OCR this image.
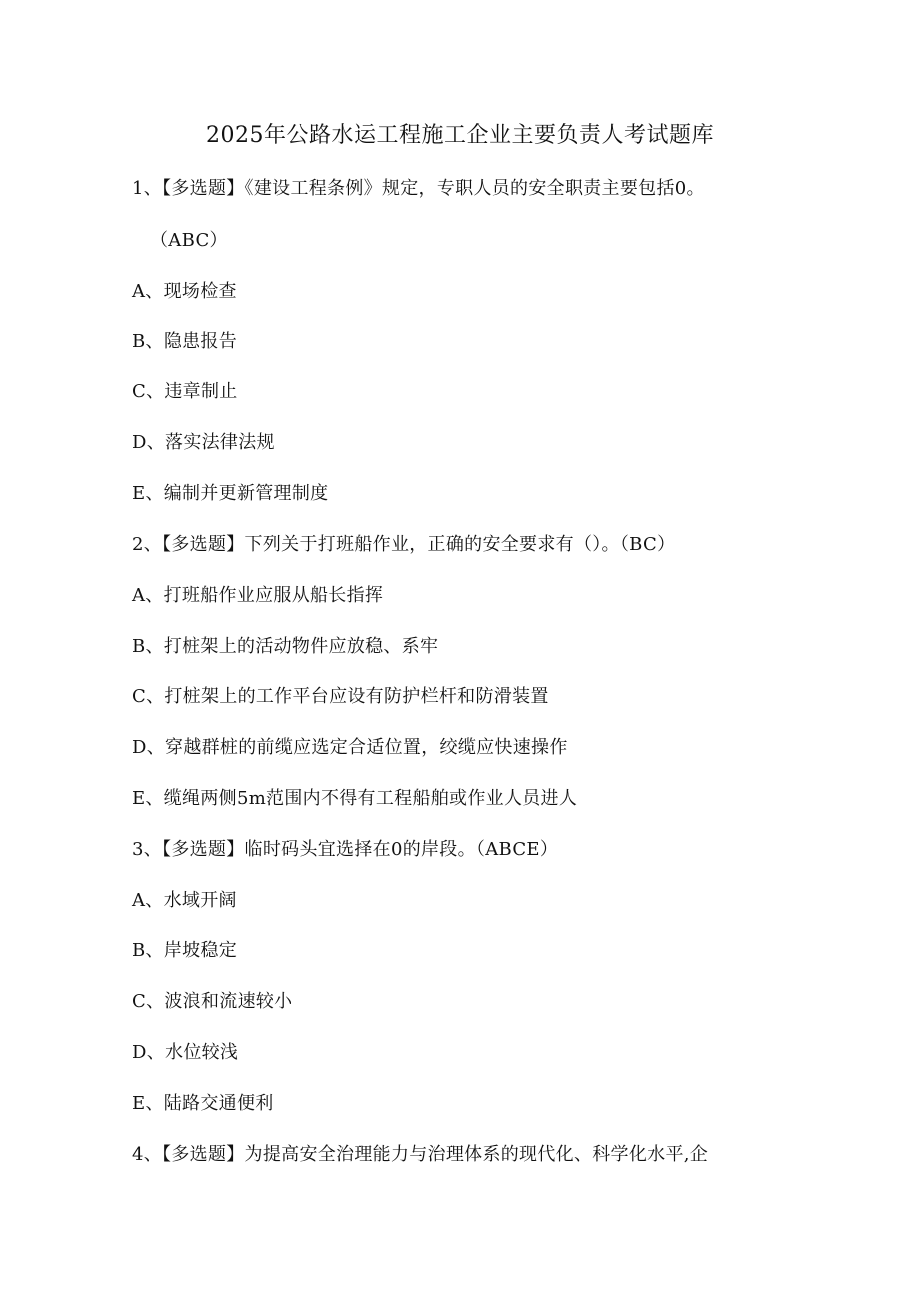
2025年公路水运工程施工企业主要负责人考试题库
1、【多选题】《建设工程条例》规定，专职人员的安全职责主要包括0。
（ABC）
A、现场检查
B、隐患报告
C、违章制止
D、落实法律法规
E、编制并更新管理制度
2、【多选题】下列关于打班船作业，正确的安全要求有（）。（BC）
A、打班船作业应服从船长指挥
B、打桩架上的活动物件应放稳、系牢
C、打桩架上的工作平台应设有防护栏杆和防滑装置
D、穿越群桩的前缆应选定合适位置，绞缆应快速操作
E、缆绳两侧5m范围内不得有工程船舶或作业人员进人
3、【多选题】临时码头宜选择在0的岸段。（ABCE）
A、水域开阔
B、岸坡稳定
C、波浪和流速较小
D、水位较浅
E、陆路交通便利
4、【多选题】为提高安全治理能力与治理体系的现代化、科学化水平,企
